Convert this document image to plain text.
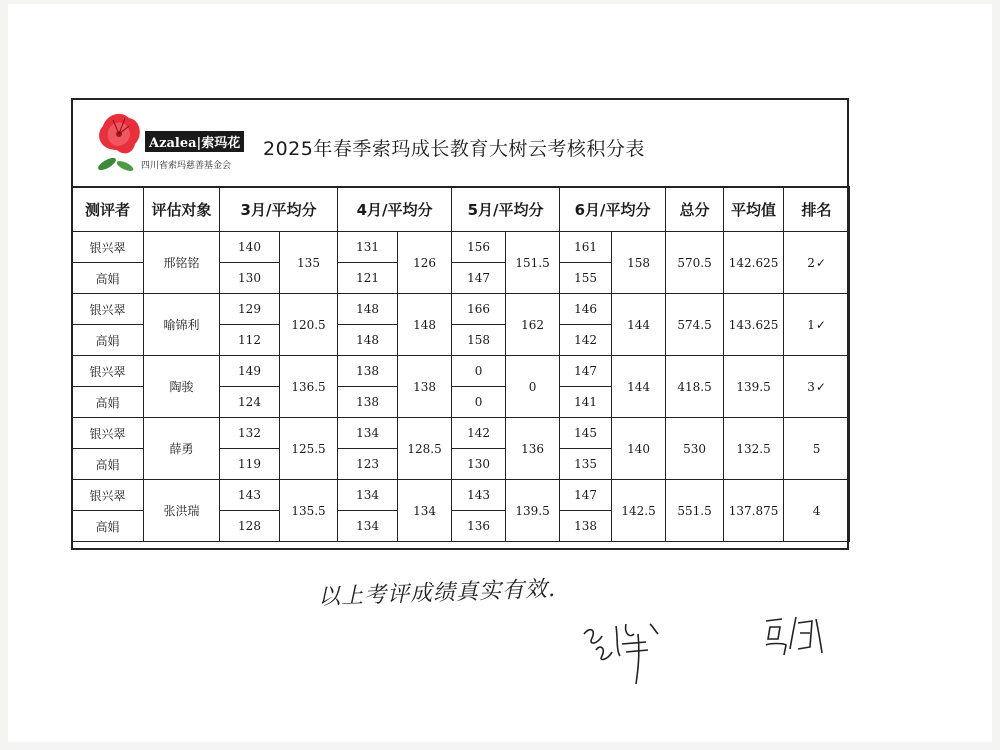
Azalea|索玛花
四川省索玛慈善基金会
2025年春季索玛成长教育大树云考核积分表
测评者	评估对象	3月/平均分		4月/平均分		5月/平均分		6月/平均分		总分	平均值	排名
银兴翠	邢铭铭	140	135	131	126	156	151.5	161	158	570.5	142.625	2✓
高娟		130		121		147		155				
银兴翠	喻锦利	129	120.5	148	148	166	162	146	144	574.5	143.625	1✓
高娟		112		148		158		142				
银兴翠	陶骏	149	136.5	138	138	0	0	147	144	418.5	139.5	3✓
高娟		124		138		0		141				
银兴翠	薛勇	132	125.5	134	128.5	142	136	145	140	530	132.5	5
高娟		119		123		130		135				
银兴翠	张洪瑞	143	135.5	134	134	143	139.5	147	142.5	551.5	137.875	4
高娟		128		134		136		138				
以上考评成绩真实有效.
